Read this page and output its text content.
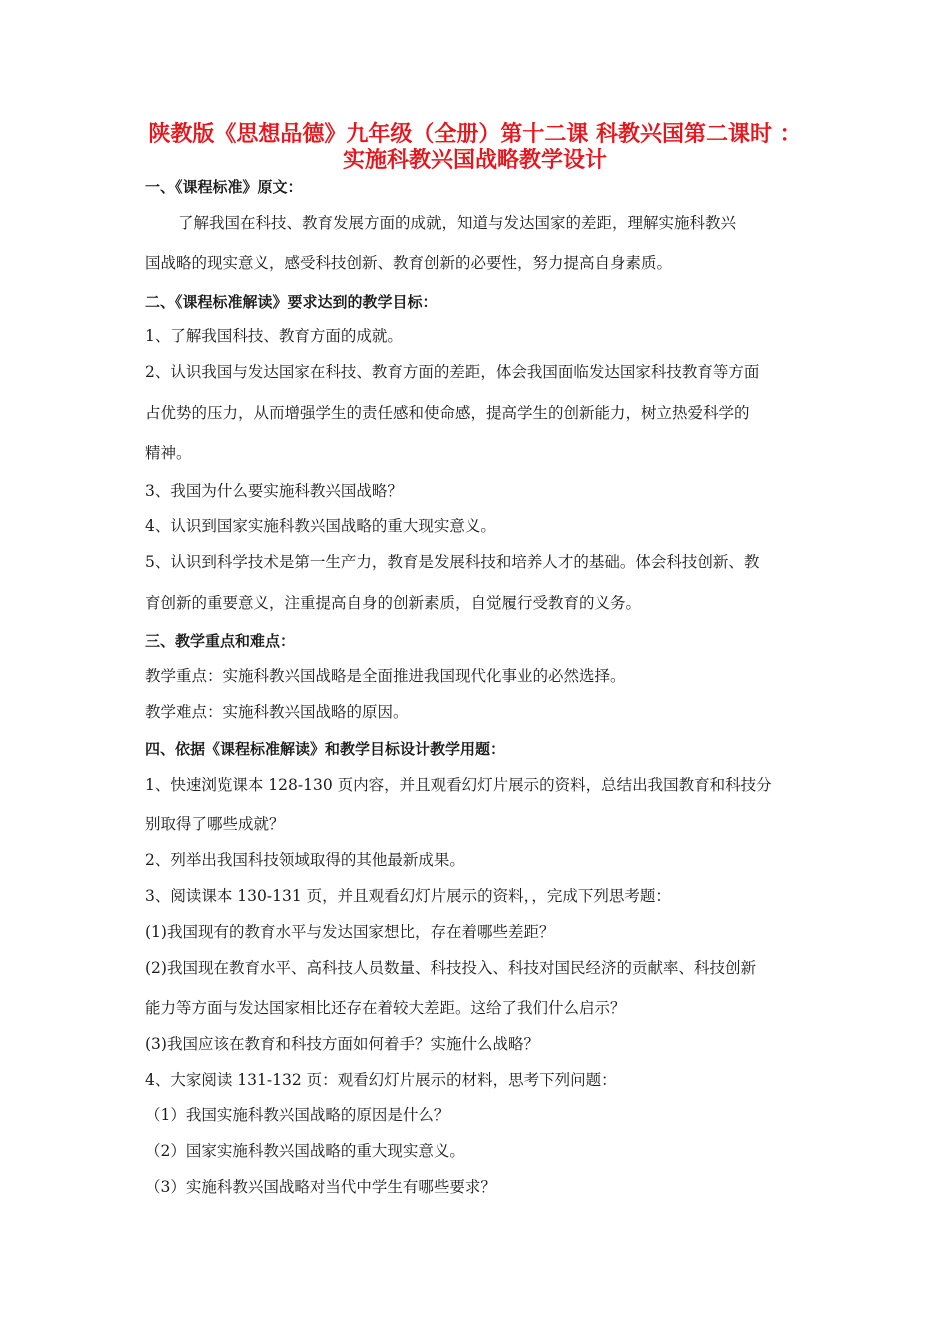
陕教版《思想品德》九年级（全册）第十二课 科教兴国第二课时 ：
实施科教兴国战略教学设计
一、《课程标准》原文：
了解我国在科技、教育发展方面的成就，知道与发达国家的差距，理解实施科教兴
国战略的现实意义，感受科技创新、教育创新的必要性，努力提高自身素质。
二、《课程标准解读》要求达到的教学目标：
1、了解我国科技、教育方面的成就。
2、认识我国与发达国家在科技、教育方面的差距，体会我国面临发达国家科技教育等方面
占优势的压力，从而增强学生的责任感和使命感，提高学生的创新能力，树立热爱科学的
精神。
3、我国为什么要实施科教兴国战略？
4、认识到国家实施科教兴国战略的重大现实意义。
5、认识到科学技术是第一生产力，教育是发展科技和培养人才的基础。体会科技创新、教
育创新的重要意义，注重提高自身的创新素质，自觉履行受教育的义务。
三、教学重点和难点：
教学重点：实施科教兴国战略是全面推进我国现代化事业的必然选择。
教学难点：实施科教兴国战略的原因。
四、依据《课程标准解读》和教学目标设计教学用题：
1、快速浏览课本 128-130 页内容，并且观看幻灯片展示的资料，总结出我国教育和科技分
别取得了哪些成就？
2、列举出我国科技领域取得的其他最新成果。
3、阅读课本 130-131 页，并且观看幻灯片展示的资料，，完成下列思考题：
(1)我国现有的教育水平与发达国家想比，存在着哪些差距？
(2)我国现在教育水平、高科技人员数量、科技投入、科技对国民经济的贡献率、科技创新
能力等方面与发达国家相比还存在着较大差距。这给了我们什么启示？
(3)我国应该在教育和科技方面如何着手？实施什么战略？
4、大家阅读 131-132 页：观看幻灯片展示的材料，思考下列问题：
（1）我国实施科教兴国战略的原因是什么？
（2）国家实施科教兴国战略的重大现实意义。
（3）实施科教兴国战略对当代中学生有哪些要求？
